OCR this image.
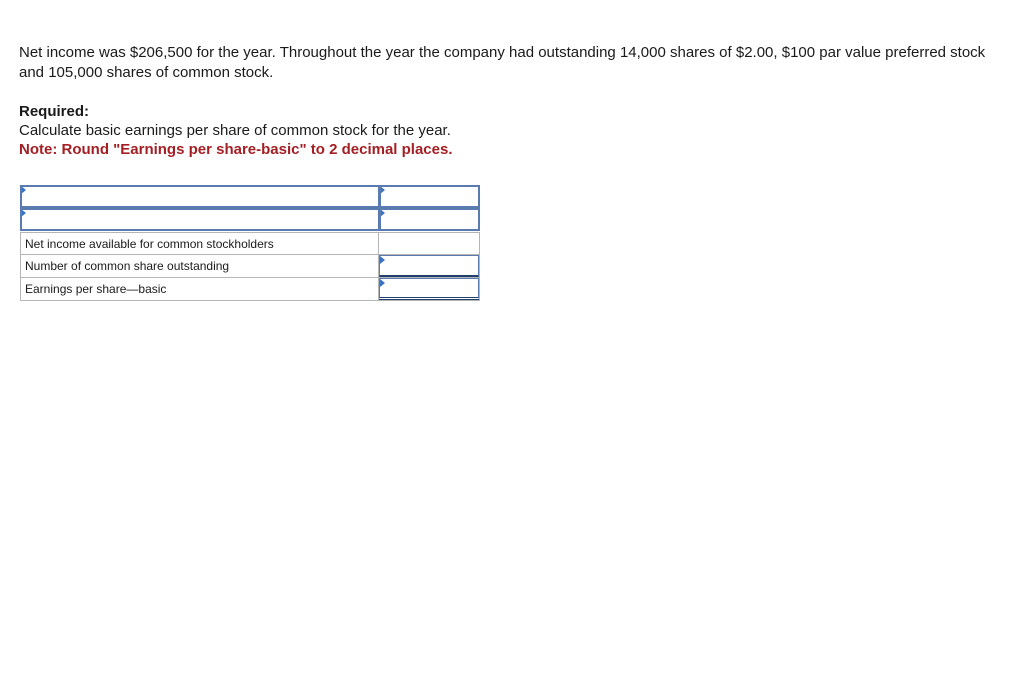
Net income was $206,500 for the year. Throughout the year the company had outstanding 14,000 shares of $2.00, $100 par value preferred stock and 105,000 shares of common stock.

Required:
Calculate basic earnings per share of common stock for the year.
Note: Round "Earnings per share-basic" to 2 decimal places.
Net income available for common stockholders
Number of common share outstanding
Earnings per share—basic
